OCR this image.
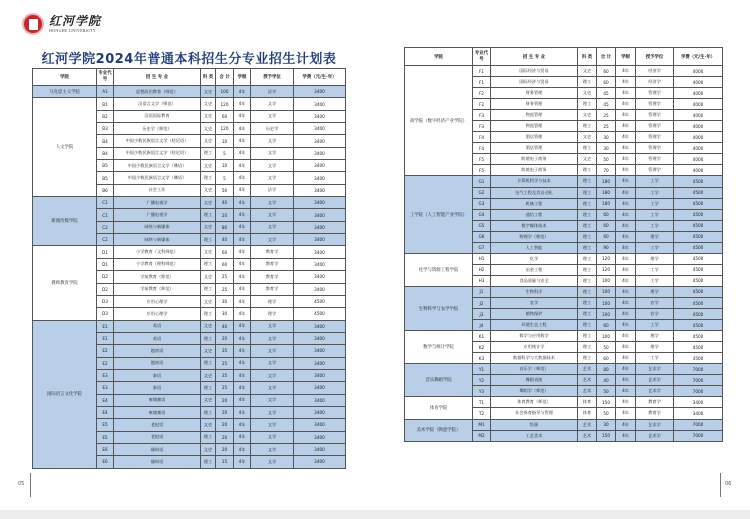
红河学院
HONGHE UNIVERSITY
红河学院2024年普通本科招生分专业招生计划表
学院	专业代号	招 生 专 业	科 类	合 计	学制	授予学位	学费（元/生·年）
马克思主义学院	A1	思想政治教育（师范）	文史	100	4年	法学	3400
人文学院	B1	汉语言文学（师范）	文史	120	4年	文学	3400
	B2	汉语国际教育	文史	60	4年	文学	3400
	B3	历史学（师范）	文史	120	4年	历史学	3400
	B4	中国少数民族语言文学（哈尼语）	文史	10	4年	文学	3400
	B4	中国少数民族语言文学（哈尼语）	理工	5	4年	文学	3400
	B5	中国少数民族语言文学（彝语）	文史	10	4年	文学	3400
	B5	中国少数民族语言文学（彝语）	理工	5	4年	文学	3400
	B6	社会工作	文史	50	4年	法学	3400
新闻传媒学院	C1	广播电视学	文史	40	4年	文学	3400
	C1	广播电视学	理工	20	4年	文学	3400
	C2	网络与新媒体	文史	80	4年	文学	3400
	C2	网络与新媒体	理工	40	4年	文学	3400
教师教育学院	D1	小学教育（文科师范）	文史	60	4年	教育学	3400
	D1	小学教育（理科师范）	理工	60	4年	教育学	3400
	D2	学前教育（师范）	文史	25	4年	教育学	3400
	D2	学前教育（师范）	理工	25	4年	教育学	3400
	D3	应用心理学	文史	30	4年	理学	4500
	D3	应用心理学	理工	30	4年	理学	4500
国际语言文化学院	E1	英语	文史	40	4年	文学	3400
	E1	英语	理工	20	4年	文学	3400
	E2	越南语	文史	35	4年	文学	3400
	E2	越南语	理工	25	4年	文学	3400
	E3	泰语	文史	35	4年	文学	3400
	E3	泰语	理工	25	4年	文学	3400
	E4	柬埔寨语	文史	20	4年	文学	3400
	E4	柬埔寨语	理工	20	4年	文学	3400
	E5	老挝语	文史	20	4年	文学	3400
	E5	老挝语	理工	20	4年	文学	3400
	E6	缅甸语	文史	20	4年	文学	3400
	E6	缅甸语	理工	15	4年	文学	3400
学院	专业代号	招 生 专 业	科 类	合 计	学制	授予学位	学费（元/生·年）
商学院（数字经济产业学院）	F1	国际经济与贸易	文史	60	4年	经济学	4000
	F1	国际经济与贸易	理工	60	4年	经济学	4000
	F2	财务管理	文史	45	4年	管理学	4000
	F2	财务管理	理工	45	4年	管理学	4000
	F3	物流管理	文史	25	4年	管理学	4000
	F3	物流管理	理工	25	4年	管理学	4000
	F4	酒店管理	文史	30	4年	管理学	4000
	F4	酒店管理	理工	30	4年	管理学	4000
	F5	跨境电子商务	文史	50	4年	管理学	4000
	F5	跨境电子商务	理工	70	4年	管理学	4000
工学院（人工智能产业学院）	G1	计算机科学与技术	理工	180	4年	工学	4500
	G2	电气工程及其自动化	理工	180	4年	工学	4500
	G3	机械工程	理工	180	4年	工学	4500
	G4	通信工程	理工	60	4年	工学	4500
	G5	数字媒体技术	理工	60	4年	工学	4500
	G6	物理学（师范）	理工	60	4年	理学	4500
	G7	人工智能	理工	90	4年	工学	4500
化学与资源工程学院	H1	化学	理工	120	4年	理学	4500
	H2	冶金工程	理工	120	4年	工学	4500
	H3	食品质量与安全	理工	100	4年	工学	4500
生物科学与农学学院	J1	生物科学	理工	100	4年	理学	4500
	J2	农学	理工	100	4年	农学	4500
	J3	植物保护	理工	100	4年	农学	4500
	J4	环境生态工程	理工	60	4年	工学	4500
数学与统计学院	K1	数学与应用数学	理工	100	4年	理学	4500
	K2	应用统计学	理工	50	4年	理学	4500
	K3	数据科学与大数据技术	理工	60	4年	工学	4500
音乐舞蹈学院	Y1	音乐学（师范）	艺术	80	4年	艺术学	7000
	Y2	舞蹈表演	艺术	40	4年	艺术学	7000
	Y3	舞蹈学（师范）	艺术	50	4年	艺术学	7000
体育学院	T1	体育教育（师范）	体育	150	4年	教育学	3400
	T2	社会体育指导与管理	体育	50	4年	教育学	3400
美术学院（陶瓷学院）	M1	绘画	艺术	30	4年	艺术学	7000
	M2	工艺美术	艺术	150	4年	艺术学	7000
05	06
